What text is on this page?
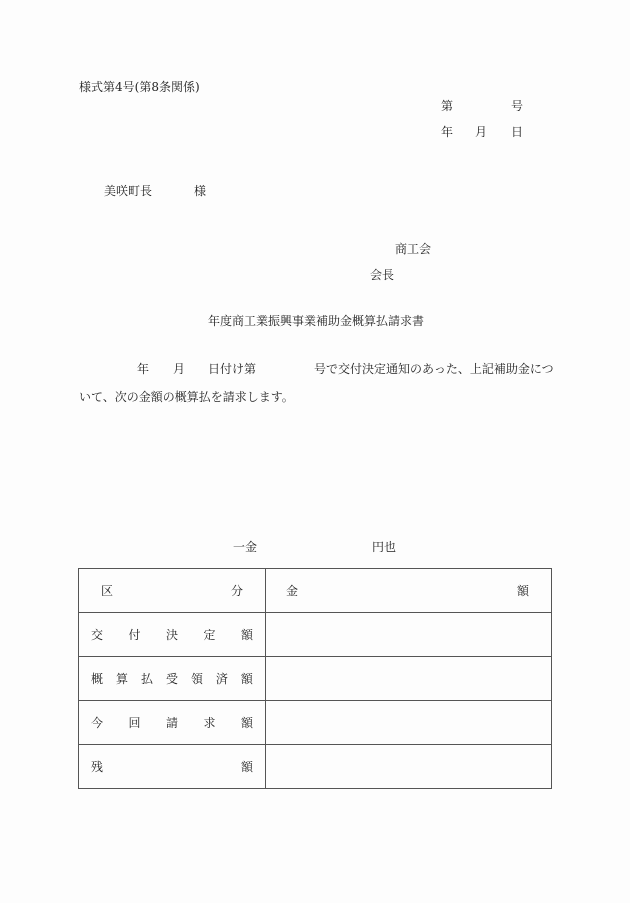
様式第4号(第8条関係)
第	号
年 月 日
美咲町長	様
商工会
会長
年度商工業振興事業補助金概算払請求書
年 月 日付け第	号で交付決定通知のあった、上記補助金につ
いて、次の金額の概算払を請求します。
一金	円也
区 分	金 額

交 付 決 定 額	

概 算 払 受 領 済 額

今 回 請 求 額	

残 額	
